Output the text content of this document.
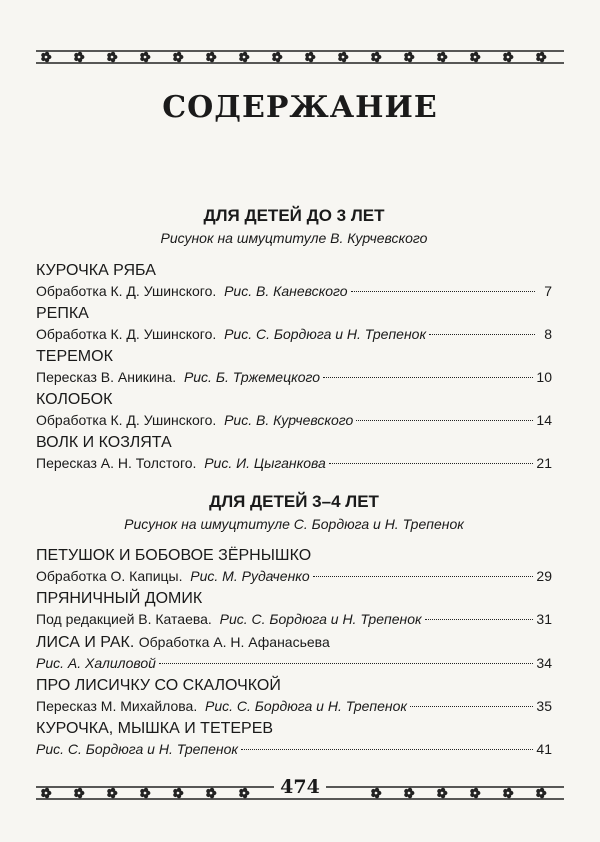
СОДЕРЖАНИЕ
ДЛЯ ДЕТЕЙ ДО 3 ЛЕТ
Рисунок на шмуцтитуле В. Курчевского
КУРОЧКА РЯБА
Обработка К. Д. Ушинского. Рис. В. Каневского	7
РЕПКА
Обработка К. Д. Ушинского. Рис. С. Бордюга и Н. Трепенок	8
ТЕРЕМОК
Пересказ В. Аникина. Рис. Б. Тржемецкого	10
КОЛОБОК
Обработка К. Д. Ушинского. Рис. В. Курчевского	14
ВОЛК И КОЗЛЯТА
Пересказ А. Н. Толстого. Рис. И. Цыганкова	21
ДЛЯ ДЕТЕЙ 3–4 ЛЕТ
Рисунок на шмуцтитуле С. Бордюга и Н. Трепенок
ПЕТУШОК И БОБОВОЕ ЗЁРНЫШКО
Обработка О. Капицы. Рис. М. Рудаченко	29
ПРЯНИЧНЫЙ ДОМИК
Под редакцией В. Катаева. Рис. С. Бордюга и Н. Трепенок	31
ЛИСА И РАК. Обработка А. Н. Афанасьева
Рис. А. Халиловой	34
ПРО ЛИСИЧКУ СО СКАЛОЧКОЙ
Пересказ М. Михайлова. Рис. С. Бордюга и Н. Трепенок	35
КУРОЧКА, МЫШКА И ТЕТЕРЕВ
Рис. С. Бордюга и Н. Трепенок	41
474
